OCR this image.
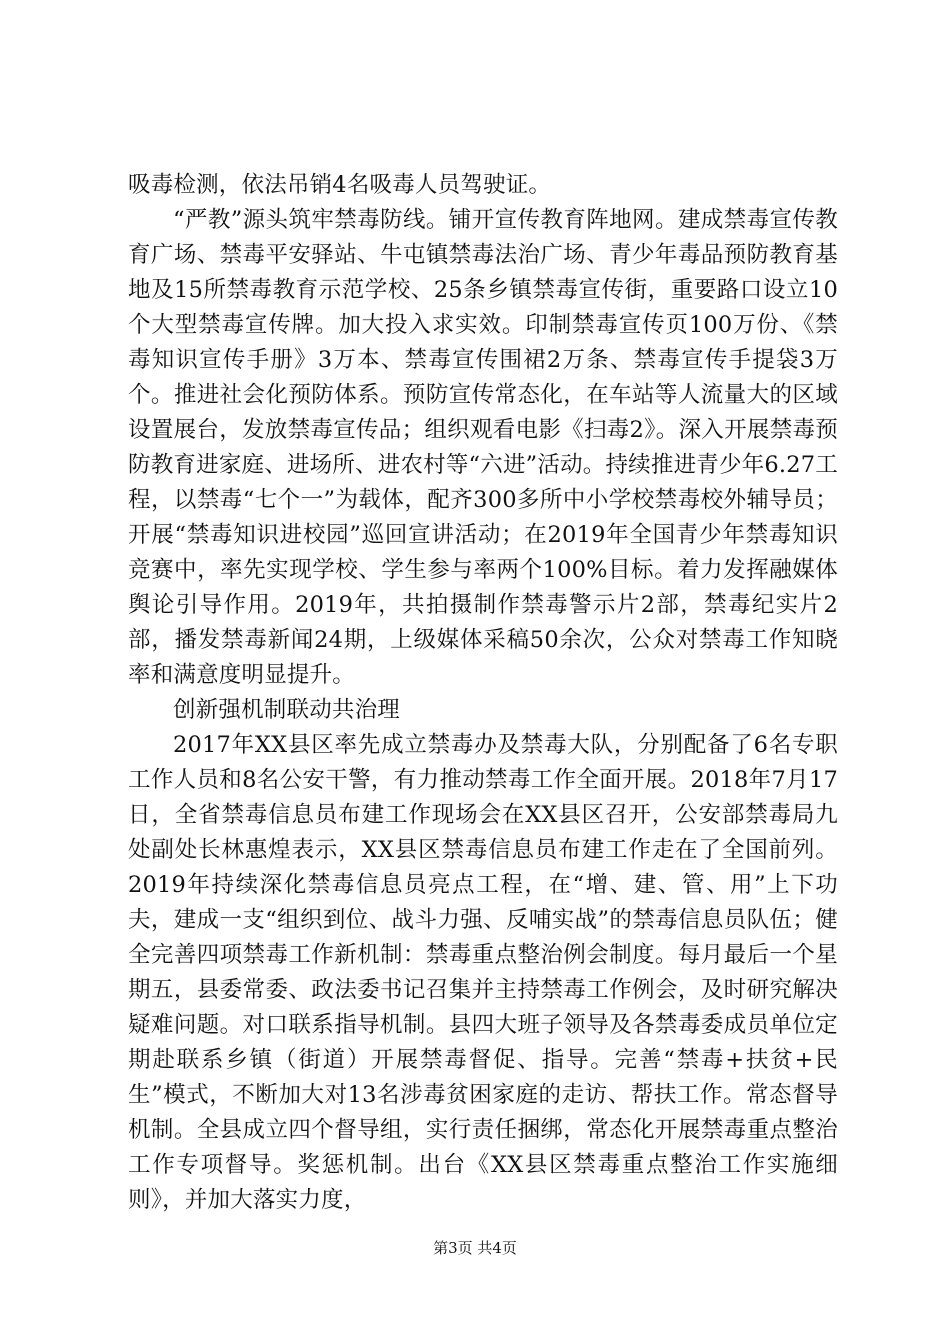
吸毒检测，依法吊销4名吸毒人员驾驶证。

“严教”源头筑牢禁毒防线。铺开宣传教育阵地网。建成禁毒宣传教育广场、禁毒平安驿站、牛屯镇禁毒法治广场、青少年毒品预防教育基地及15所禁毒教育示范学校、25条乡镇禁毒宣传街，重要路口设立10个大型禁毒宣传牌。加大投入求实效。印制禁毒宣传页100万份、《禁毒知识宣传手册》3万本、禁毒宣传围裙2万条、禁毒宣传手提袋3万个。推进社会化预防体系。预防宣传常态化，在车站等人流量大的区域设置展台，发放禁毒宣传品；组织观看电影《扫毒2》。深入开展禁毒预防教育进家庭、进场所、进农村等“六进”活动。持续推进青少年6.27工程，以禁毒“七个一”为载体，配齐300多所中小学校禁毒校外辅导员；开展“禁毒知识进校园”巡回宣讲活动；在2019年全国青少年禁毒知识竞赛中，率先实现学校、学生参与率两个100%目标。着力发挥融媒体舆论引导作用。2019年，共拍摄制作禁毒警示片2部，禁毒纪实片2部，播发禁毒新闻24期，上级媒体采稿50余次，公众对禁毒工作知晓率和满意度明显提升。

创新强机制联动共治理

2017年XX县区率先成立禁毒办及禁毒大队，分别配备了6名专职工作人员和8名公安干警，有力推动禁毒工作全面开展。2018年7月17日，全省禁毒信息员布建工作现场会在XX县区召开，公安部禁毒局九处副处长林惠煌表示，XX县区禁毒信息员布建工作走在了全国前列。2019年持续深化禁毒信息员亮点工程，在“增、建、管、用”上下功夫，建成一支“组织到位、战斗力强、反哺实战”的禁毒信息员队伍；健全完善四项禁毒工作新机制：禁毒重点整治例会制度。每月最后一个星期五，县委常委、政法委书记召集并主持禁毒工作例会，及时研究解决疑难问题。对口联系指导机制。县四大班子领导及各禁毒委成员单位定期赴联系乡镇（街道）开展禁毒督促、指导。完善“禁毒+扶贫+民生”模式，不断加大对13名涉毒贫困家庭的走访、帮扶工作。常态督导机制。全县成立四个督导组，实行责任捆绑，常态化开展禁毒重点整治工作专项督导。奖惩机制。出台《XX县区禁毒重点整治工作实施细则》，并加大落实力度，

第3页 共4页
